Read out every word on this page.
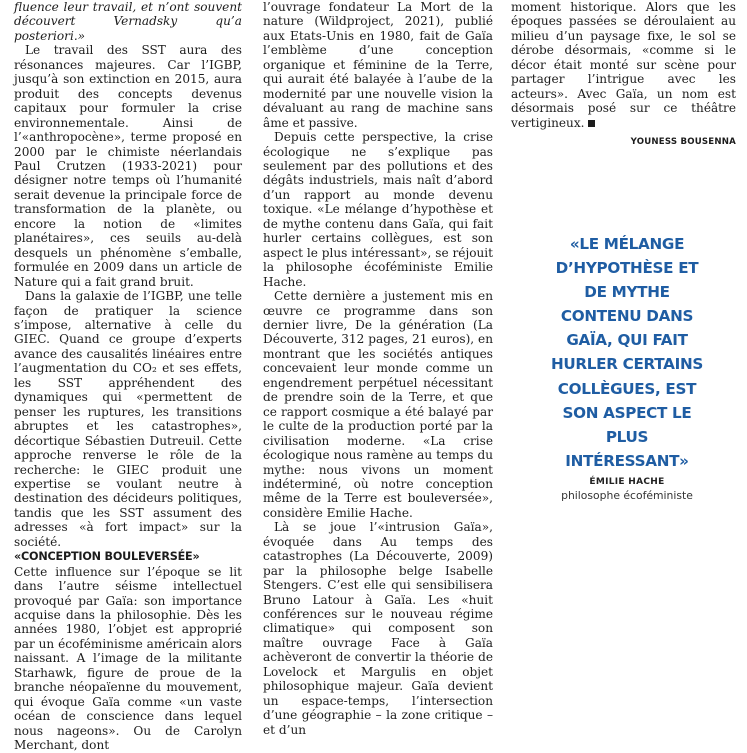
fluence leur travail, et n’ont souvent découvert Vernadsky qu’a posteriori.»

Le travail des SST aura des résonances majeures. Car l’IGBP, jusqu’à son extinction en 2015, aura produit des concepts devenus capitaux pour formuler la crise environnementale. Ainsi de l’«anthropocène», terme proposé en 2000 par le chimiste néerlandais Paul Crutzen (1933-2021) pour désigner notre temps où l’humanité serait devenue la principale force de transformation de la planète, ou encore la notion de «limites planétaires», ces seuils au-delà desquels un phénomène s’emballe, formulée en 2009 dans un article de Nature qui a fait grand bruit.

Dans la galaxie de l’IGBP, une telle façon de pratiquer la science s’impose, alternative à celle du GIEC. Quand ce groupe d’experts avance des causalités linéaires entre l’augmentation du CO₂ et ses effets, les SST appréhendent des dynamiques qui «permettent de penser les ruptures, les transitions abruptes et les catastrophes», décortique Sébastien Dutreuil. Cette approche renverse le rôle de la recherche: le GIEC produit une expertise se voulant neutre à destination des décideurs politiques, tandis que les SST assument des adresses «à fort impact» sur la société.

«CONCEPTION BOULEVERSÉE»

Cette influence sur l’époque se lit dans l’autre séisme intellectuel provoqué par Gaïa: son importance acquise dans la philosophie. Dès les années 1980, l’objet est approprié par un écoféminisme américain alors naissant. A l’image de la militante Starhawk, figure de proue de la branche néopaïenne du mouvement, qui évoque Gaïa comme «un vaste océan de conscience dans lequel nous nageons». Ou de Carolyn Merchant, dont

l’ouvrage fondateur La Mort de la nature (Wildproject, 2021), publié aux Etats-Unis en 1980, fait de Gaïa l’emblème d’une conception organique et féminine de la Terre, qui aurait été balayée à l’aube de la modernité par une nouvelle vision la dévaluant au rang de machine sans âme et passive.

Depuis cette perspective, la crise écologique ne s’explique pas seulement par des pollutions et des dégâts industriels, mais naît d’abord d’un rapport au monde devenu toxique. «Le mélange d’hypothèse et de mythe contenu dans Gaïa, qui fait hurler certains collègues, est son aspect le plus intéressant», se réjouit la philosophe écoféministe Emilie Hache.

Cette dernière a justement mis en œuvre ce programme dans son dernier livre, De la génération (La Découverte, 312 pages, 21 euros), en montrant que les sociétés antiques concevaient leur monde comme un engendrement perpétuel nécessitant de prendre soin de la Terre, et que ce rapport cosmique a été balayé par le culte de la production porté par la civilisation moderne. «La crise écologique nous ramène au temps du mythe: nous vivons un moment indéterminé, où notre conception même de la Terre est bouleversée», considère Emilie Hache.

Là se joue l’«intrusion Gaïa», évoquée dans Au temps des catastrophes (La Découverte, 2009) par la philosophe belge Isabelle Stengers. C’est elle qui sensibilisera Bruno Latour à Gaïa. Les «huit conférences sur le nouveau régime climatique» qui composent son maître ouvrage Face à Gaïa achèveront de convertir la théorie de Lovelock et Margulis en objet philosophique majeur. Gaïa devient un espace-temps, l’intersection d’une géographie – la zone critique – et d’un

moment historique. Alors que les époques passées se déroulaient au milieu d’un paysage fixe, le sol se dérobe désormais, «comme si le décor était monté sur scène pour partager l’intrigue avec les acteurs». Avec Gaïa, un nom est désormais posé sur ce théâtre vertigineux.

YOUNESS BOUSENNA
«LE MÉLANGE D’HYPOTHÈSE ET DE MYTHE CONTENU DANS GAÏA, QUI FAIT HURLER CERTAINS COLLÈGUES, EST SON ASPECT LE PLUS INTÉRESSANT»
ÉMILIE HACHE
philosophe écoféministe
